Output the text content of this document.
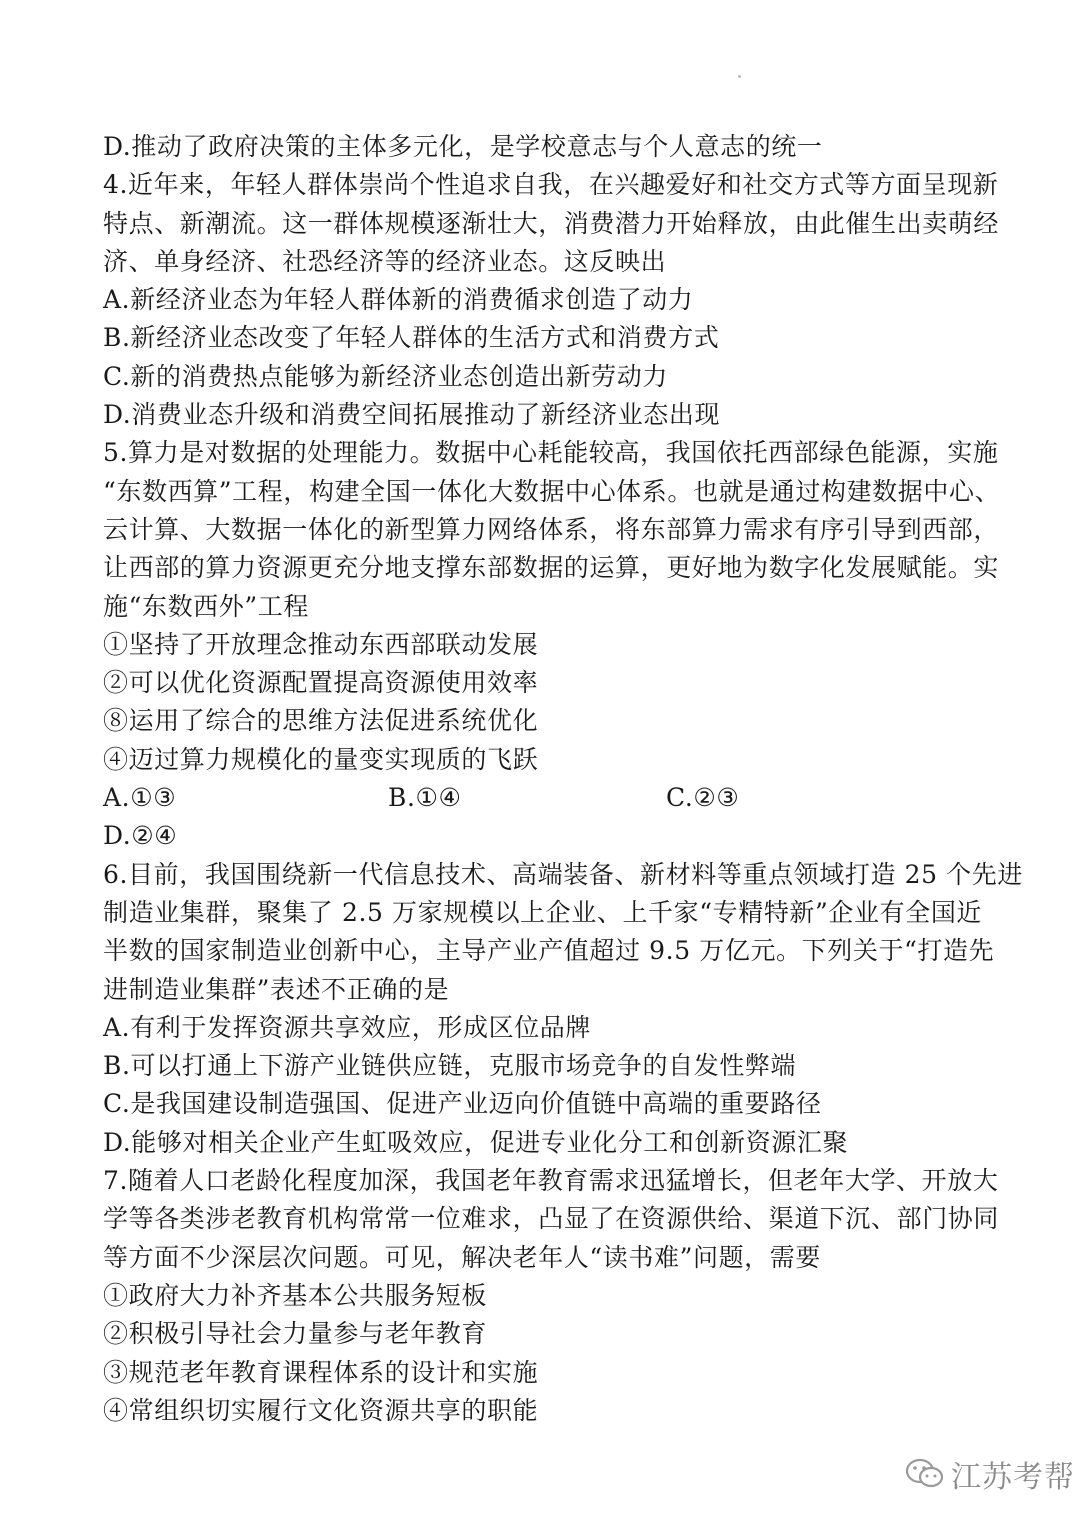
D.推动了政府决策的主体多元化，是学校意志与个人意志的统一
4.近年来，年轻人群体崇尚个性追求自我，在兴趣爱好和社交方式等方面呈现新
特点、新潮流。这一群体规模逐渐壮大，消费潜力开始释放，由此催生出卖萌经
济、单身经济、社恐经济等的经济业态。这反映出
A.新经济业态为年轻人群体新的消费循求创造了动力
B.新经济业态改变了年轻人群体的生活方式和消费方式
C.新的消费热点能够为新经济业态创造出新劳动力
D.消费业态升级和消费空间拓展推动了新经济业态出现
5.算力是对数据的处理能力。数据中心耗能较高，我国依托西部绿色能源，实施
“东数西算”工程，构建全国一体化大数据中心体系。也就是通过构建数据中心、
云计算、大数据一体化的新型算力网络体系，将东部算力需求有序引导到西部，
让西部的算力资源更充分地支撑东部数据的运算，更好地为数字化发展赋能。实
施“东数西外”工程
①坚持了开放理念推动东西部联动发展
②可以优化资源配置提高资源使用效率
⑧运用了综合的思维方法促进系统优化
④迈过算力规模化的量变实现质的飞跃
A.①③	B.①④	C.②③
D.②④
6.目前，我国围绕新一代信息技术、高端装备、新材料等重点领域打造 25 个先进
制造业集群，聚集了 2.5 万家规模以上企业、上千家“专精特新”企业有全国近
半数的国家制造业创新中心，主导产业产值超过 9.5 万亿元。下列关于“打造先
进制造业集群”表述不正确的是
A.有利于发挥资源共享效应，形成区位品牌
B.可以打通上下游产业链供应链，克服市场竞争的自发性弊端
C.是我国建设制造强国、促进产业迈向价值链中高端的重要路径
D.能够对相关企业产生虹吸效应，促进专业化分工和创新资源汇聚
7.随着人口老龄化程度加深，我国老年教育需求迅猛增长，但老年大学、开放大
学等各类涉老教育机构常常一位难求，凸显了在资源供给、渠道下沉、部门协同
等方面不少深层次问题。可见，解决老年人“读书难”问题，需要
①政府大力补齐基本公共服务短板
②积极引导社会力量参与老年教育
③规范老年教育课程体系的设计和实施
④常组织切实履行文化资源共享的职能
江苏考帮
